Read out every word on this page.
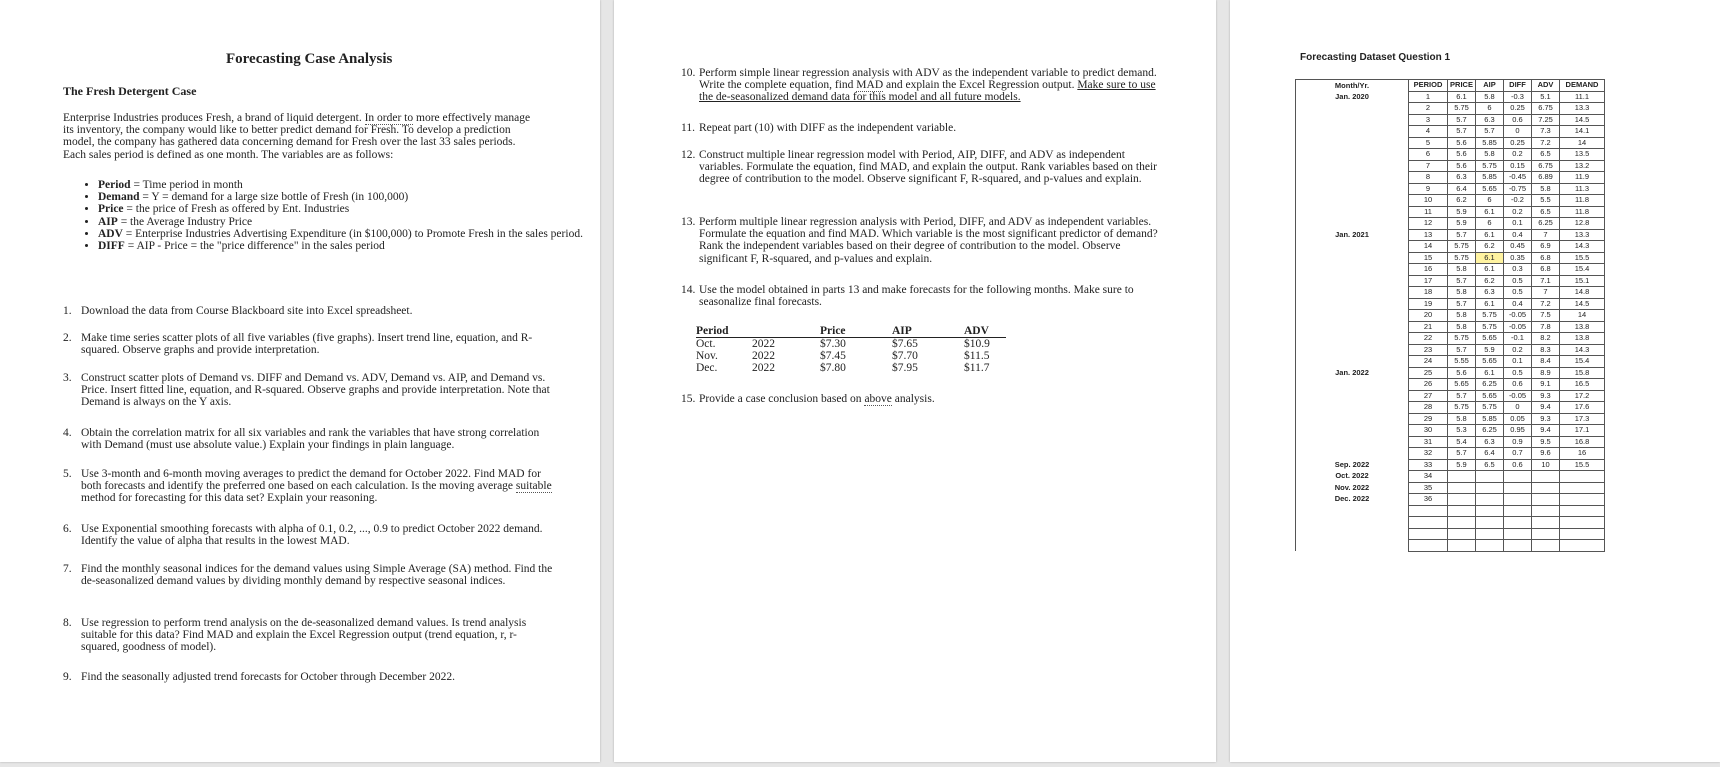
Forecasting Case Analysis
The Fresh Detergent Case
Enterprise Industries produces Fresh, a brand of liquid detergent. In order to more effectively manage its inventory, the company would like to better predict demand for Fresh. To develop a prediction model, the company has gathered data concerning demand for Fresh over the last 33 sales periods. Each sales period is defined as one month. The variables are as follows:
• Period = Time period in month
• Demand = Y = demand for a large size bottle of Fresh (in 100,000)
• Price = the price of Fresh as offered by Ent. Industries
• AIP = the Average Industry Price
• ADV = Enterprise Industries Advertising Expenditure (in $100,000) to Promote Fresh in the sales period.
• DIFF = AIP - Price = the "price difference" in the sales period
1. Download the data from Course Blackboard site into Excel spreadsheet.
2. Make time series scatter plots of all five variables (five graphs). Insert trend line, equation, and R-squared. Observe graphs and provide interpretation.
3. Construct scatter plots of Demand vs. DIFF and Demand vs. ADV, Demand vs. AIP, and Demand vs. Price. Insert fitted line, equation, and R-squared. Observe graphs and provide interpretation. Note that Demand is always on the Y axis.
4. Obtain the correlation matrix for all six variables and rank the variables that have strong correlation with Demand (must use absolute value.) Explain your findings in plain language.
5. Use 3-month and 6-month moving averages to predict the demand for October 2022. Find MAD for both forecasts and identify the preferred one based on each calculation. Is the moving average suitable method for forecasting for this data set? Explain your reasoning.
6. Use Exponential smoothing forecasts with alpha of 0.1, 0.2, ..., 0.9 to predict October 2022 demand. Identify the value of alpha that results in the lowest MAD.
7. Find the monthly seasonal indices for the demand values using Simple Average (SA) method. Find the de-seasonalized demand values by dividing monthly demand by respective seasonal indices.
8. Use regression to perform trend analysis on the de-seasonalized demand values. Is trend analysis suitable for this data? Find MAD and explain the Excel Regression output (trend equation, r, r-squared, goodness of model).
9. Find the seasonally adjusted trend forecasts for October through December 2022.
10. Perform simple linear regression analysis with ADV as the independent variable to predict demand. Write the complete equation, find MAD and explain the Excel Regression output. Make sure to use the de-seasonalized demand data for this model and all future models.
11. Repeat part (10) with DIFF as the independent variable.
12. Construct multiple linear regression model with Period, AIP, DIFF, and ADV as independent variables. Formulate the equation, find MAD, and explain the output. Rank variables based on their degree of contribution to the model. Observe significant F, R-squared, and p-values and explain.
13. Perform multiple linear regression analysis with Period, DIFF, and ADV as independent variables. Formulate the equation and find MAD. Which variable is the most significant predictor of demand? Rank the independent variables based on their degree of contribution to the model. Observe significant F, R-squared, and p-values and explain.
14. Use the model obtained in parts 13 and make forecasts for the following months. Make sure to seasonalize final forecasts.
Period		Price	AIP	ADV
Oct.	2022	$7.30	$7.65	$10.9
Nov.	2022	$7.45	$7.70	$11.5
Dec.	2022	$7.80	$7.95	$11.7
15. Provide a case conclusion based on above analysis.
Forecasting Dataset Question 1
Month/Yr.	PERIOD	PRICE	AIP	DIFF	ADV	DEMAND
Jan. 2020	1	6.1	5.8	-0.3	5.1	11.1
	2	5.75	6	0.25	6.75	13.3
	3	5.7	6.3	0.6	7.25	14.5
	4	5.7	5.7	0	7.3	14.1
	5	5.6	5.85	0.25	7.2	14
	6	5.6	5.8	0.2	6.5	13.5
	7	5.6	5.75	0.15	6.75	13.2
	8	6.3	5.85	-0.45	6.89	11.9
	9	6.4	5.65	-0.75	5.8	11.3
	10	6.2	6	-0.2	5.5	11.8
	11	5.9	6.1	0.2	6.5	11.8
	12	5.9	6	0.1	6.25	12.8
Jan. 2021	13	5.7	6.1	0.4	7	13.3
	14	5.75	6.2	0.45	6.9	14.3
	15	5.75	6.1	0.35	6.8	15.5
	16	5.8	6.1	0.3	6.8	15.4
	17	5.7	6.2	0.5	7.1	15.1
	18	5.8	6.3	0.5	7	14.8
	19	5.7	6.1	0.4	7.2	14.5
	20	5.8	5.75	-0.05	7.5	14
	21	5.8	5.75	-0.05	7.8	13.8
	22	5.75	5.65	-0.1	8.2	13.8
	23	5.7	5.9	0.2	8.3	14.3
	24	5.55	5.65	0.1	8.4	15.4
Jan. 2022	25	5.6	6.1	0.5	8.9	15.8
	26	5.65	6.25	0.6	9.1	16.5
	27	5.7	5.65	-0.05	9.3	17.2
	28	5.75	5.75	0	9.4	17.6
	29	5.8	5.85	0.05	9.3	17.3
	30	5.3	6.25	0.95	9.4	17.1
	31	5.4	6.3	0.9	9.5	16.8
	32	5.7	6.4	0.7	9.6	16
Sep. 2022	33	5.9	6.5	0.6	10	15.5
Oct. 2022	34					
Nov. 2022	35					
Dec. 2022	36					
